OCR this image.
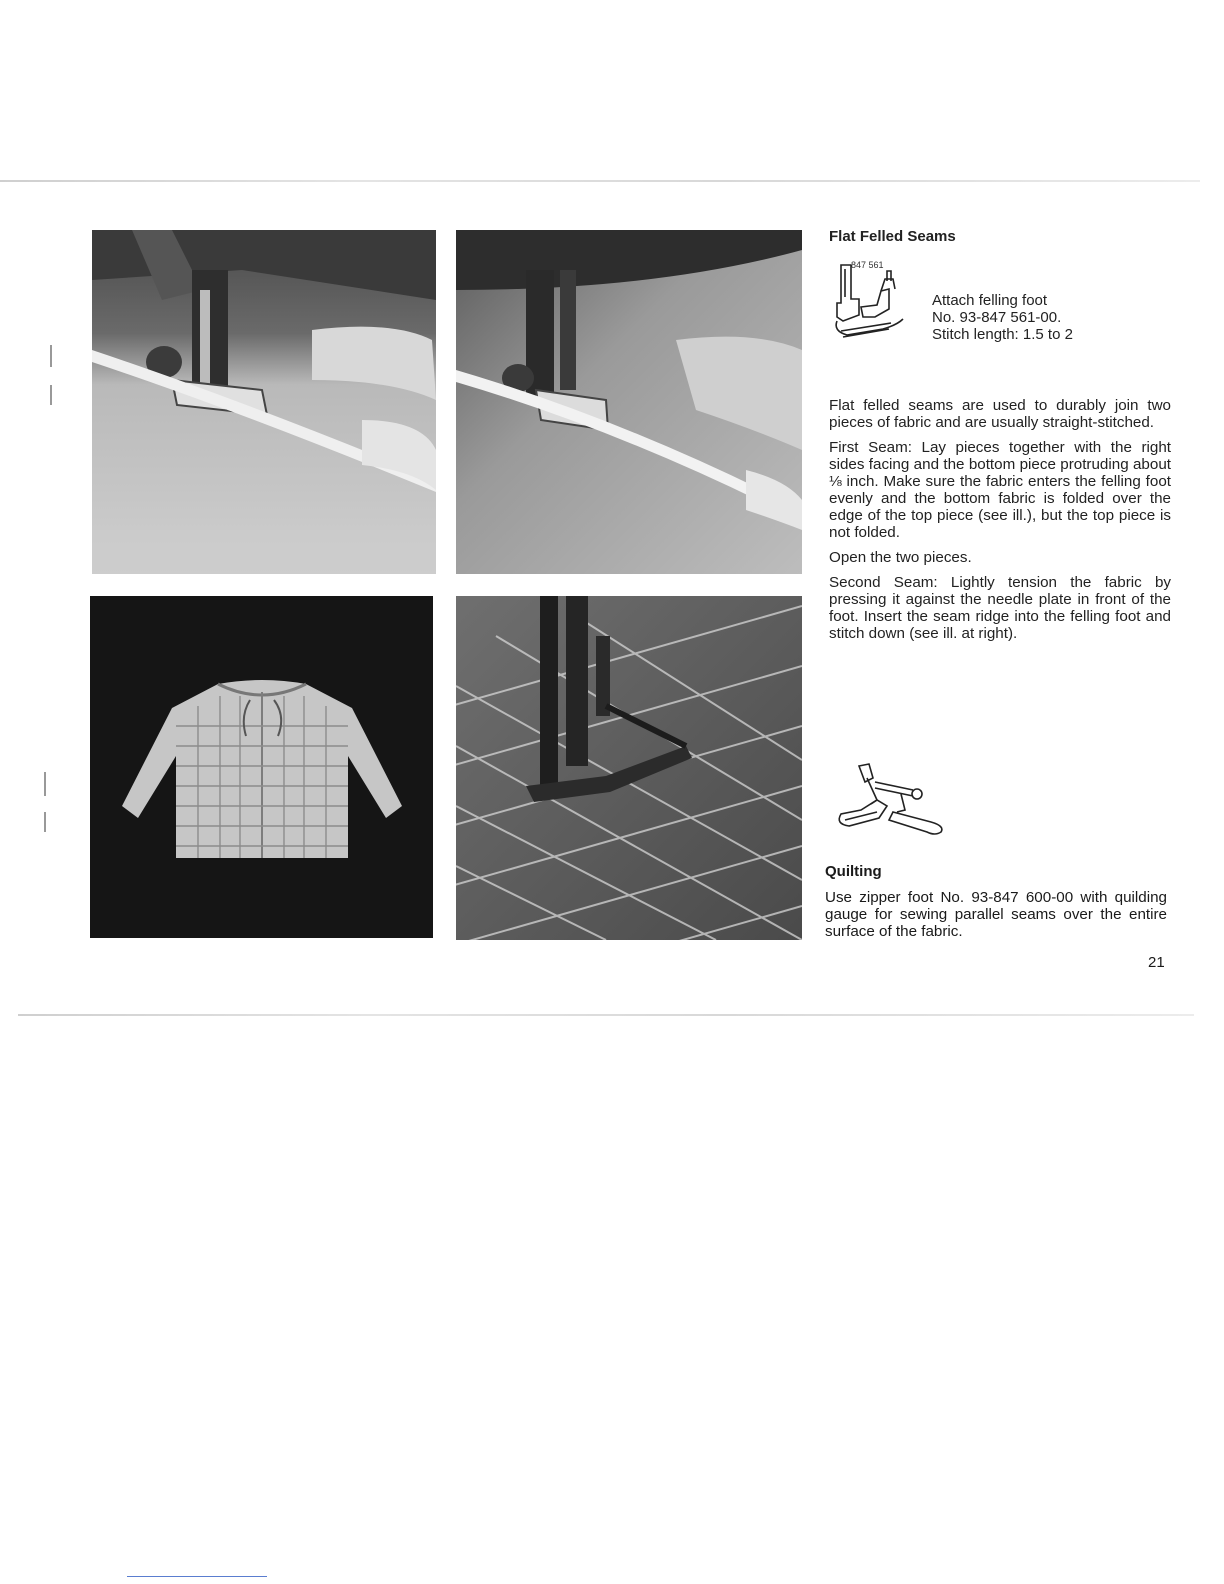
Flat Felled Seams
847 561
Attach felling foot
No. 93-847 561-00.
Stitch length: 1.5 to 2

Flat felled seams are used to durably join two pieces of fabric and are usually straight-stitched.

First Seam: Lay pieces together with the right sides facing and the bottom piece protruding about ⅛ inch. Make sure the fabric enters the felling foot evenly and the bottom fabric is folded over the edge of the top piece (see ill.), but the top piece is not folded.

Open the two pieces.

Second Seam: Lightly tension the fabric by pressing it against the needle plate in front of the foot. Insert the seam ridge into the felling foot and stitch down (see ill. at right).

Quilting

Use zipper foot No. 93-847 600-00 with quilding gauge for sewing parallel seams over the entire surface of the fabric.

21
